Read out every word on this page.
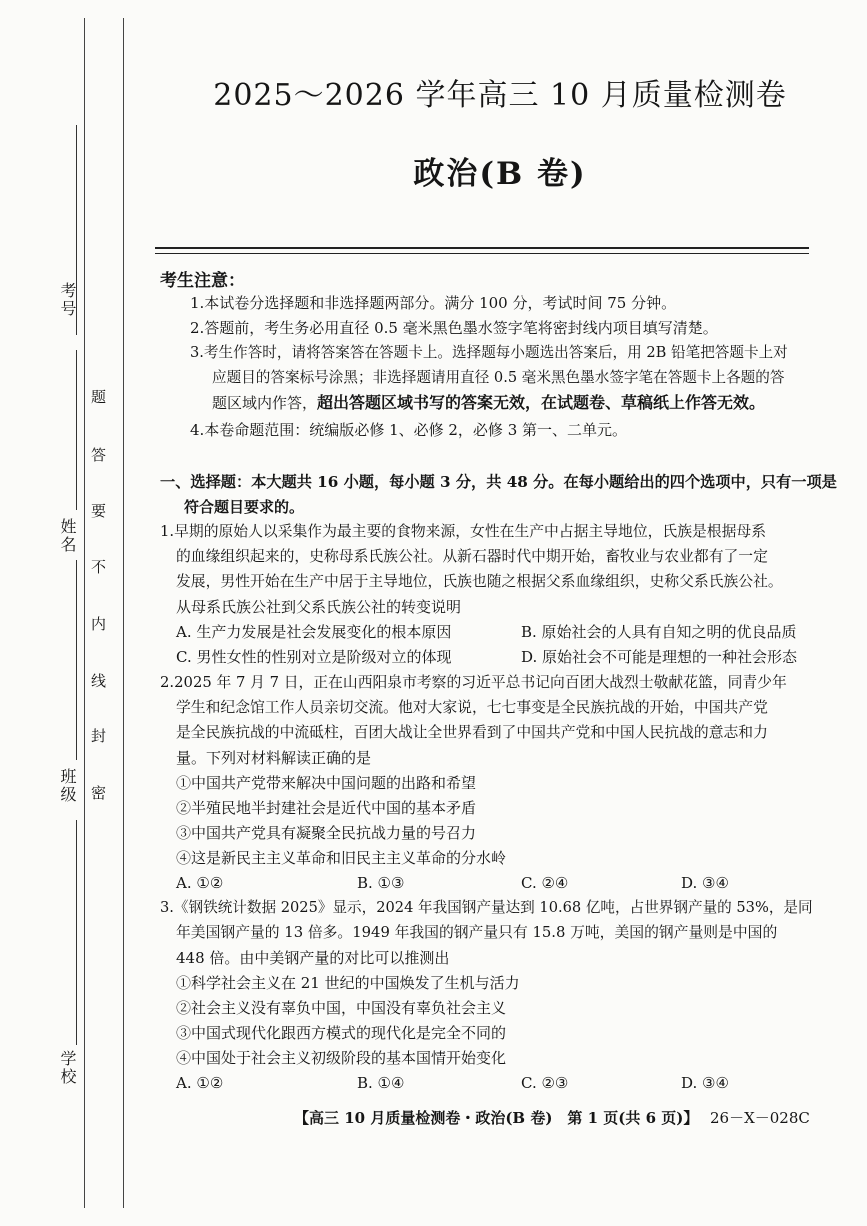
考号
姓名
班级
学校
题
答
要
不
内
线
封
密
2025～2026 学年高三 10 月质量检测卷
政治(B 卷)
考生注意：
1.本试卷分选择题和非选择题两部分。满分 100 分，考试时间 75 分钟。
2.答题前，考生务必用直径 0.5 毫米黑色墨水签字笔将密封线内项目填写清楚。
3.考生作答时，请将答案答在答题卡上。选择题每小题选出答案后，用 2B 铅笔把答题卡上对
应题目的答案标号涂黑；非选择题请用直径 0.5 毫米黑色墨水签字笔在答题卡上各题的答
题区域内作答，超出答题区域书写的答案无效，在试题卷、草稿纸上作答无效。
4.本卷命题范围：统编版必修 1、必修 2，必修 3 第一、二单元。
一、选择题：本大题共 16 小题，每小题 3 分，共 48 分。在每小题给出的四个选项中，只有一项是
符合题目要求的。
1.早期的原始人以采集作为最主要的食物来源，女性在生产中占据主导地位，氏族是根据母系
的血缘组织起来的，史称母系氏族公社。从新石器时代中期开始，畜牧业与农业都有了一定
发展，男性开始在生产中居于主导地位，氏族也随之根据父系血缘组织，史称父系氏族公社。
从母系氏族公社到父系氏族公社的转变说明
A. 生产力发展是社会发展变化的根本原因	B. 原始社会的人具有自知之明的优良品质
C. 男性女性的性别对立是阶级对立的体现	D. 原始社会不可能是理想的一种社会形态
2.2025 年 7 月 7 日，正在山西阳泉市考察的习近平总书记向百团大战烈士敬献花篮，同青少年
学生和纪念馆工作人员亲切交流。他对大家说，七七事变是全民族抗战的开始，中国共产党
是全民族抗战的中流砥柱，百团大战让全世界看到了中国共产党和中国人民抗战的意志和力
量。下列对材料解读正确的是
①中国共产党带来解决中国问题的出路和希望
②半殖民地半封建社会是近代中国的基本矛盾
③中国共产党具有凝聚全民抗战力量的号召力
④这是新民主主义革命和旧民主主义革命的分水岭
A. ①②	B. ①③	C. ②④	D. ③④
3.《钢铁统计数据 2025》显示，2024 年我国钢产量达到 10.68 亿吨，占世界钢产量的 53%，是同
年美国钢产量的 13 倍多。1949 年我国的钢产量只有 15.8 万吨，美国的钢产量则是中国的
448 倍。由中美钢产量的对比可以推测出
①科学社会主义在 21 世纪的中国焕发了生机与活力
②社会主义没有辜负中国，中国没有辜负社会主义
③中国式现代化跟西方模式的现代化是完全不同的
④中国处于社会主义初级阶段的基本国情开始变化
A. ①②	B. ①④	C. ②③	D. ③④
【高三 10 月质量检测卷・政治(B 卷)　第 1 页(共 6 页)】 26－X－028C
